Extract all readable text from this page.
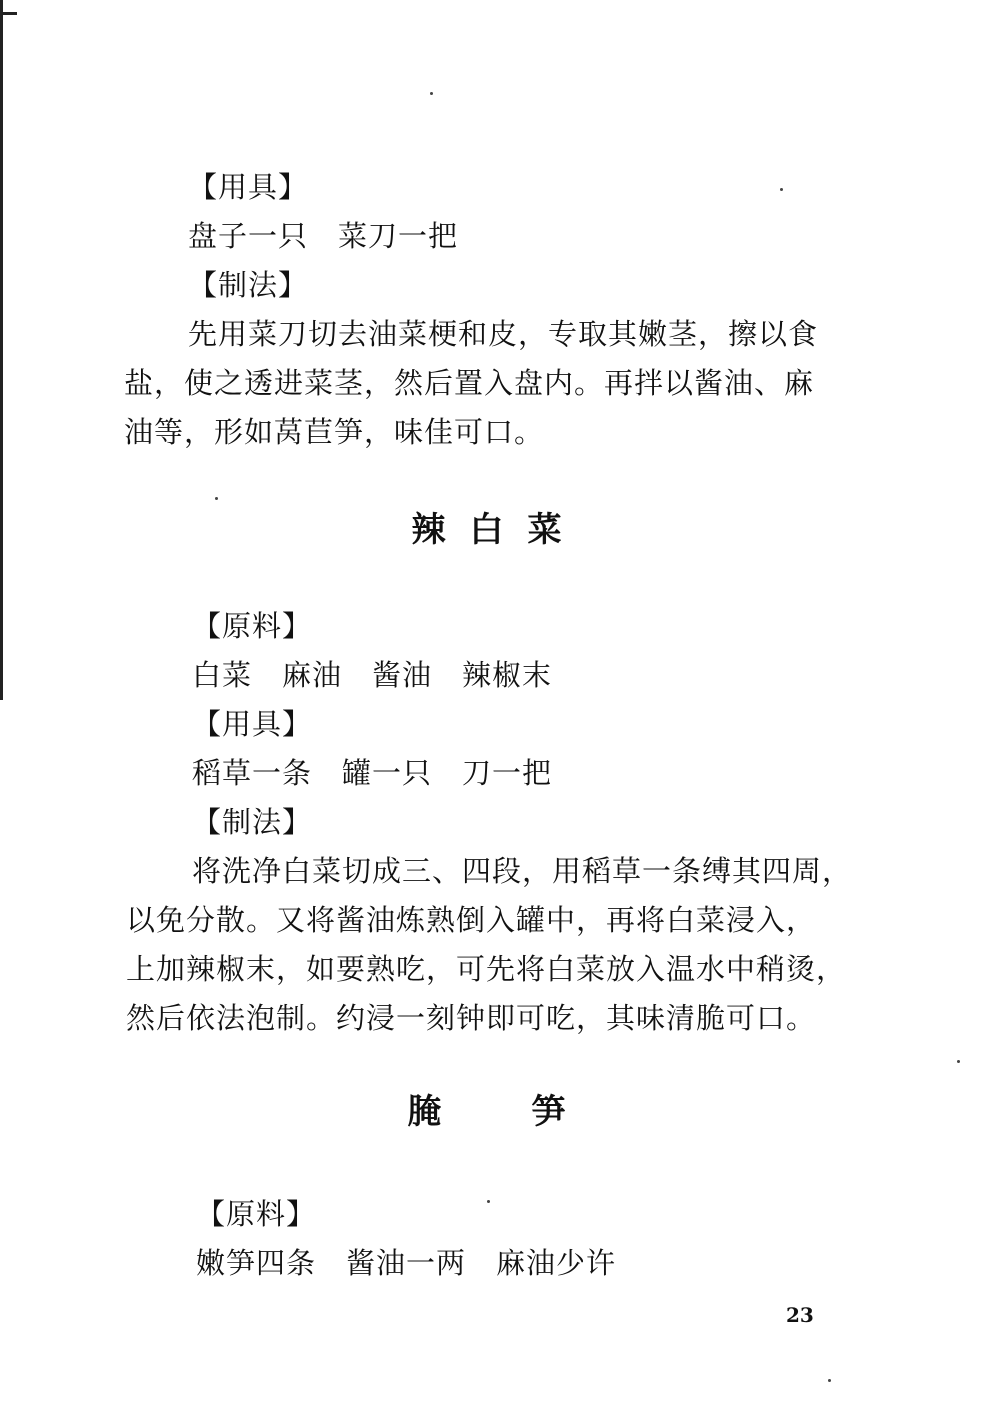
【用具】
盘子一只　菜刀一把
【制法】
先用菜刀切去油菜梗和皮，专取其嫩茎，擦以食
盐，使之透进菜茎，然后置入盘内。再拌以酱油、麻
油等，形如莴苣笋，味佳可口。
辣白菜
【原料】
白菜　麻油　酱油　辣椒末
【用具】
稻草一条　罐一只　刀一把
【制法】
将洗净白菜切成三、四段，用稻草一条缚其四周，
以免分散。又将酱油炼熟倒入罐中，再将白菜浸入，
上加辣椒末，如要熟吃，可先将白菜放入温水中稍烫，
然后依法泡制。约浸一刻钟即可吃，其味清脆可口。
腌笋
【原料】
嫩笋四条　酱油一两　麻油少许
23
